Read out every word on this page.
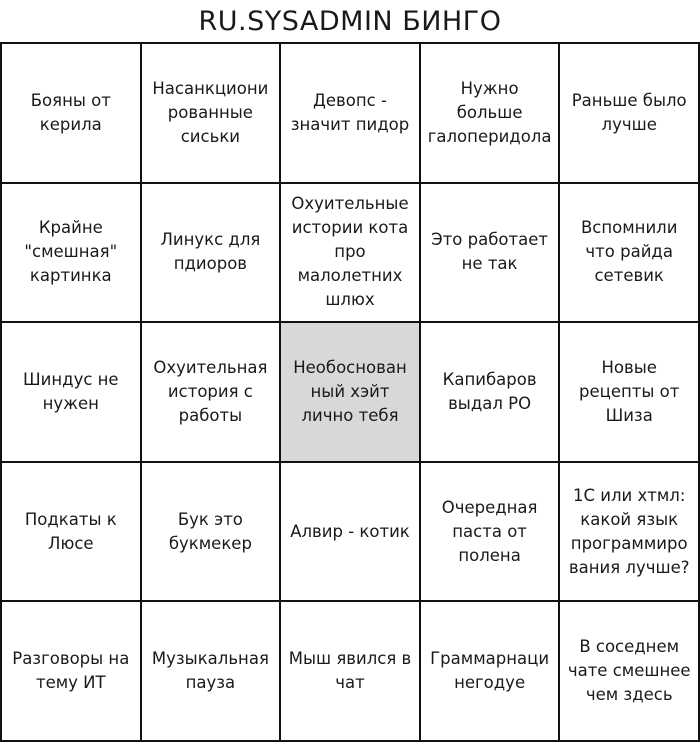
RU.SYSADMIN БИНГО
Бояны от
керила
Насанкциони
рованные
сиськи
Девопс -
значит пидор
Нужно
больше
галоперидола
Раньше было
лучше
Крайне
"смешная"
картинка
Линукс для
пдиоров
Охуительные
истории кота
про
малолетних
шлюх
Это работает
не так
Вспомнили
что райда
сетевик
Шиндус не
нужен
Охуительная
история с
работы
Необоснован
ный хэйт
лично тебя
Капибаров
выдал РО
Новые
рецепты от
Шиза
Подкаты к
Люсе
Бук это
букмекер
Алвир - котик
Очередная
паста от
полена
1С или хтмл:
какой язык
программиро
вания лучше?
Разговоры на
тему ИТ
Музыкальная
пауза
Мыш явился в
чат
Граммарнаци
негодуе
В соседнем
чате смешнее
чем здесь
